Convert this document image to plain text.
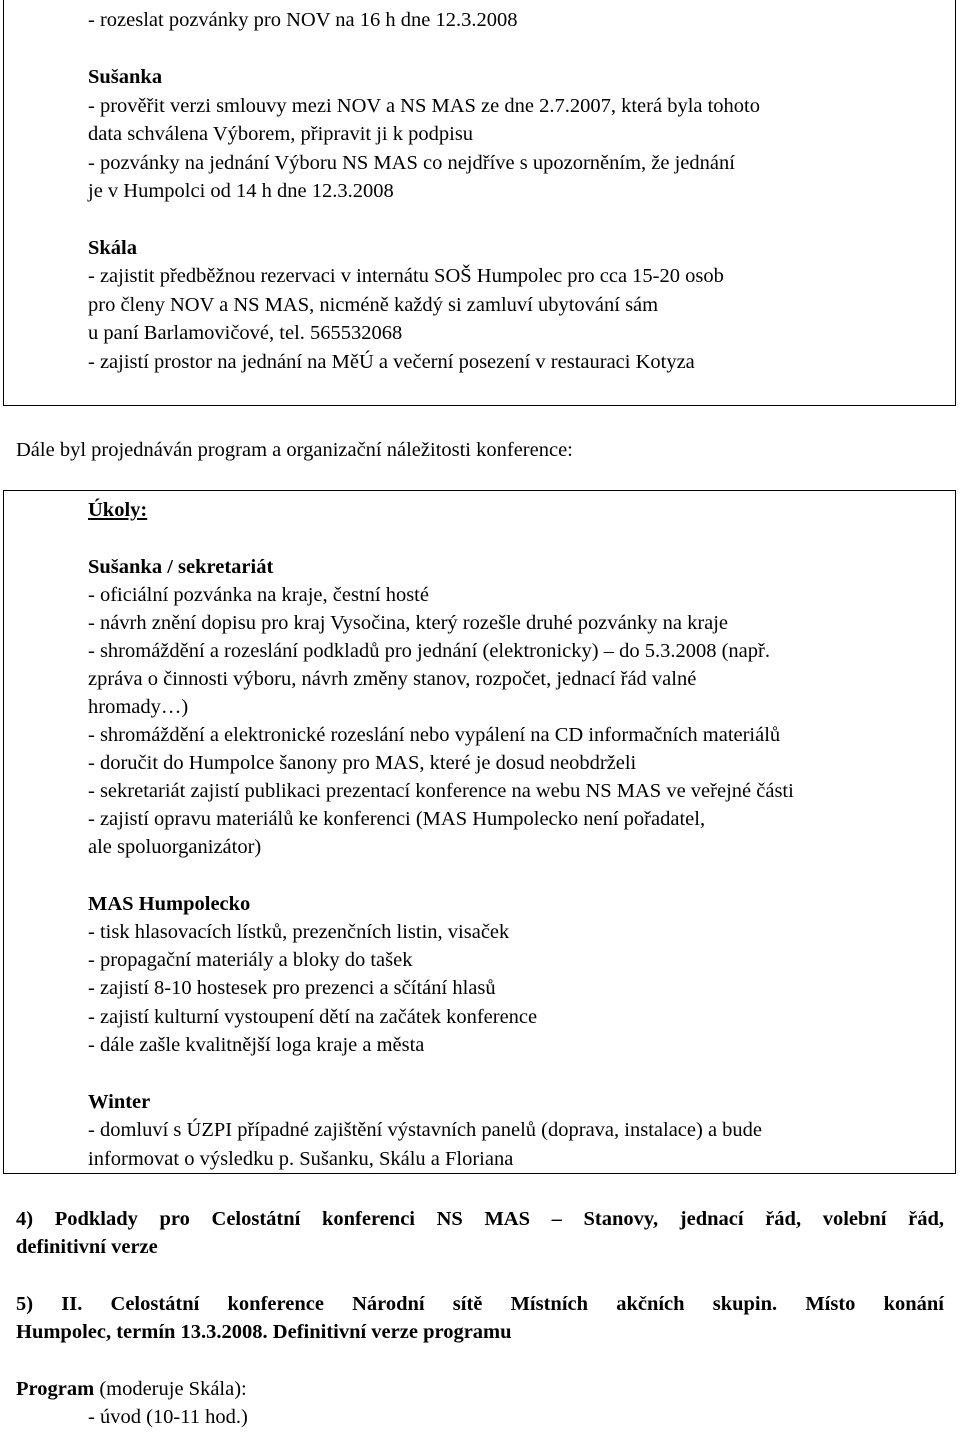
- rozeslat pozvánky pro NOV na 16 h dne 12.3.2008
Sušanka
- prověřit verzi smlouvy mezi NOV a NS MAS ze dne 2.7.2007, která byla tohoto
data schválena Výborem, připravit ji k podpisu
- pozvánky na jednání Výboru NS MAS co nejdříve s upozorněním, že jednání
je v Humpolci od 14 h dne 12.3.2008
Skála
- zajistit předběžnou rezervaci v internátu SOŠ Humpolec pro cca 15-20 osob
pro členy NOV a NS MAS, nicméně každý si zamluví ubytování sám
u paní Barlamovičové, tel. 565532068
- zajistí prostor na jednání na MěÚ a večerní posezení v restauraci Kotyza
Dále byl projednáván program a organizační náležitosti konference:
Úkoly:
Sušanka / sekretariát
- oficiální pozvánka na kraje, čestní hosté
- návrh znění dopisu pro kraj Vysočina, který rozešle druhé pozvánky na kraje
- shromáždění a rozeslání podkladů pro jednání (elektronicky) – do 5.3.2008 (např.
zpráva o činnosti výboru, návrh změny stanov, rozpočet, jednací řád valné
hromady…)
- shromáždění a elektronické rozeslání nebo vypálení na CD informačních materiálů
- doručit do Humpolce šanony pro MAS, které je dosud neobdrželi
- sekretariát zajistí publikaci prezentací konference na webu NS MAS ve veřejné části
- zajistí opravu materiálů ke konferenci (MAS Humpolecko není pořadatel,
ale spoluorganizátor)
MAS Humpolecko
- tisk hlasovacích lístků, prezenčních listin, visaček
- propagační materiály a bloky do tašek
- zajistí 8-10 hostesek pro prezenci a sčítání hlasů
- zajistí kulturní vystoupení dětí na začátek konference
- dále zašle kvalitnější loga kraje a města
Winter
- domluví s ÚZPI případné zajištění výstavních panelů (doprava, instalace) a bude
informovat o výsledku p. Sušanku, Skálu a Floriana
4) Podklady pro Celostátní konferenci NS MAS – Stanovy, jednací řád, volební řád,
definitivní verze
5) II. Celostátní konference Národní sítě Místních akčních skupin. Místo konání
Humpolec, termín 13.3.2008. Definitivní verze programu
Program (moderuje Skála):
- úvod (10-11 hod.)
